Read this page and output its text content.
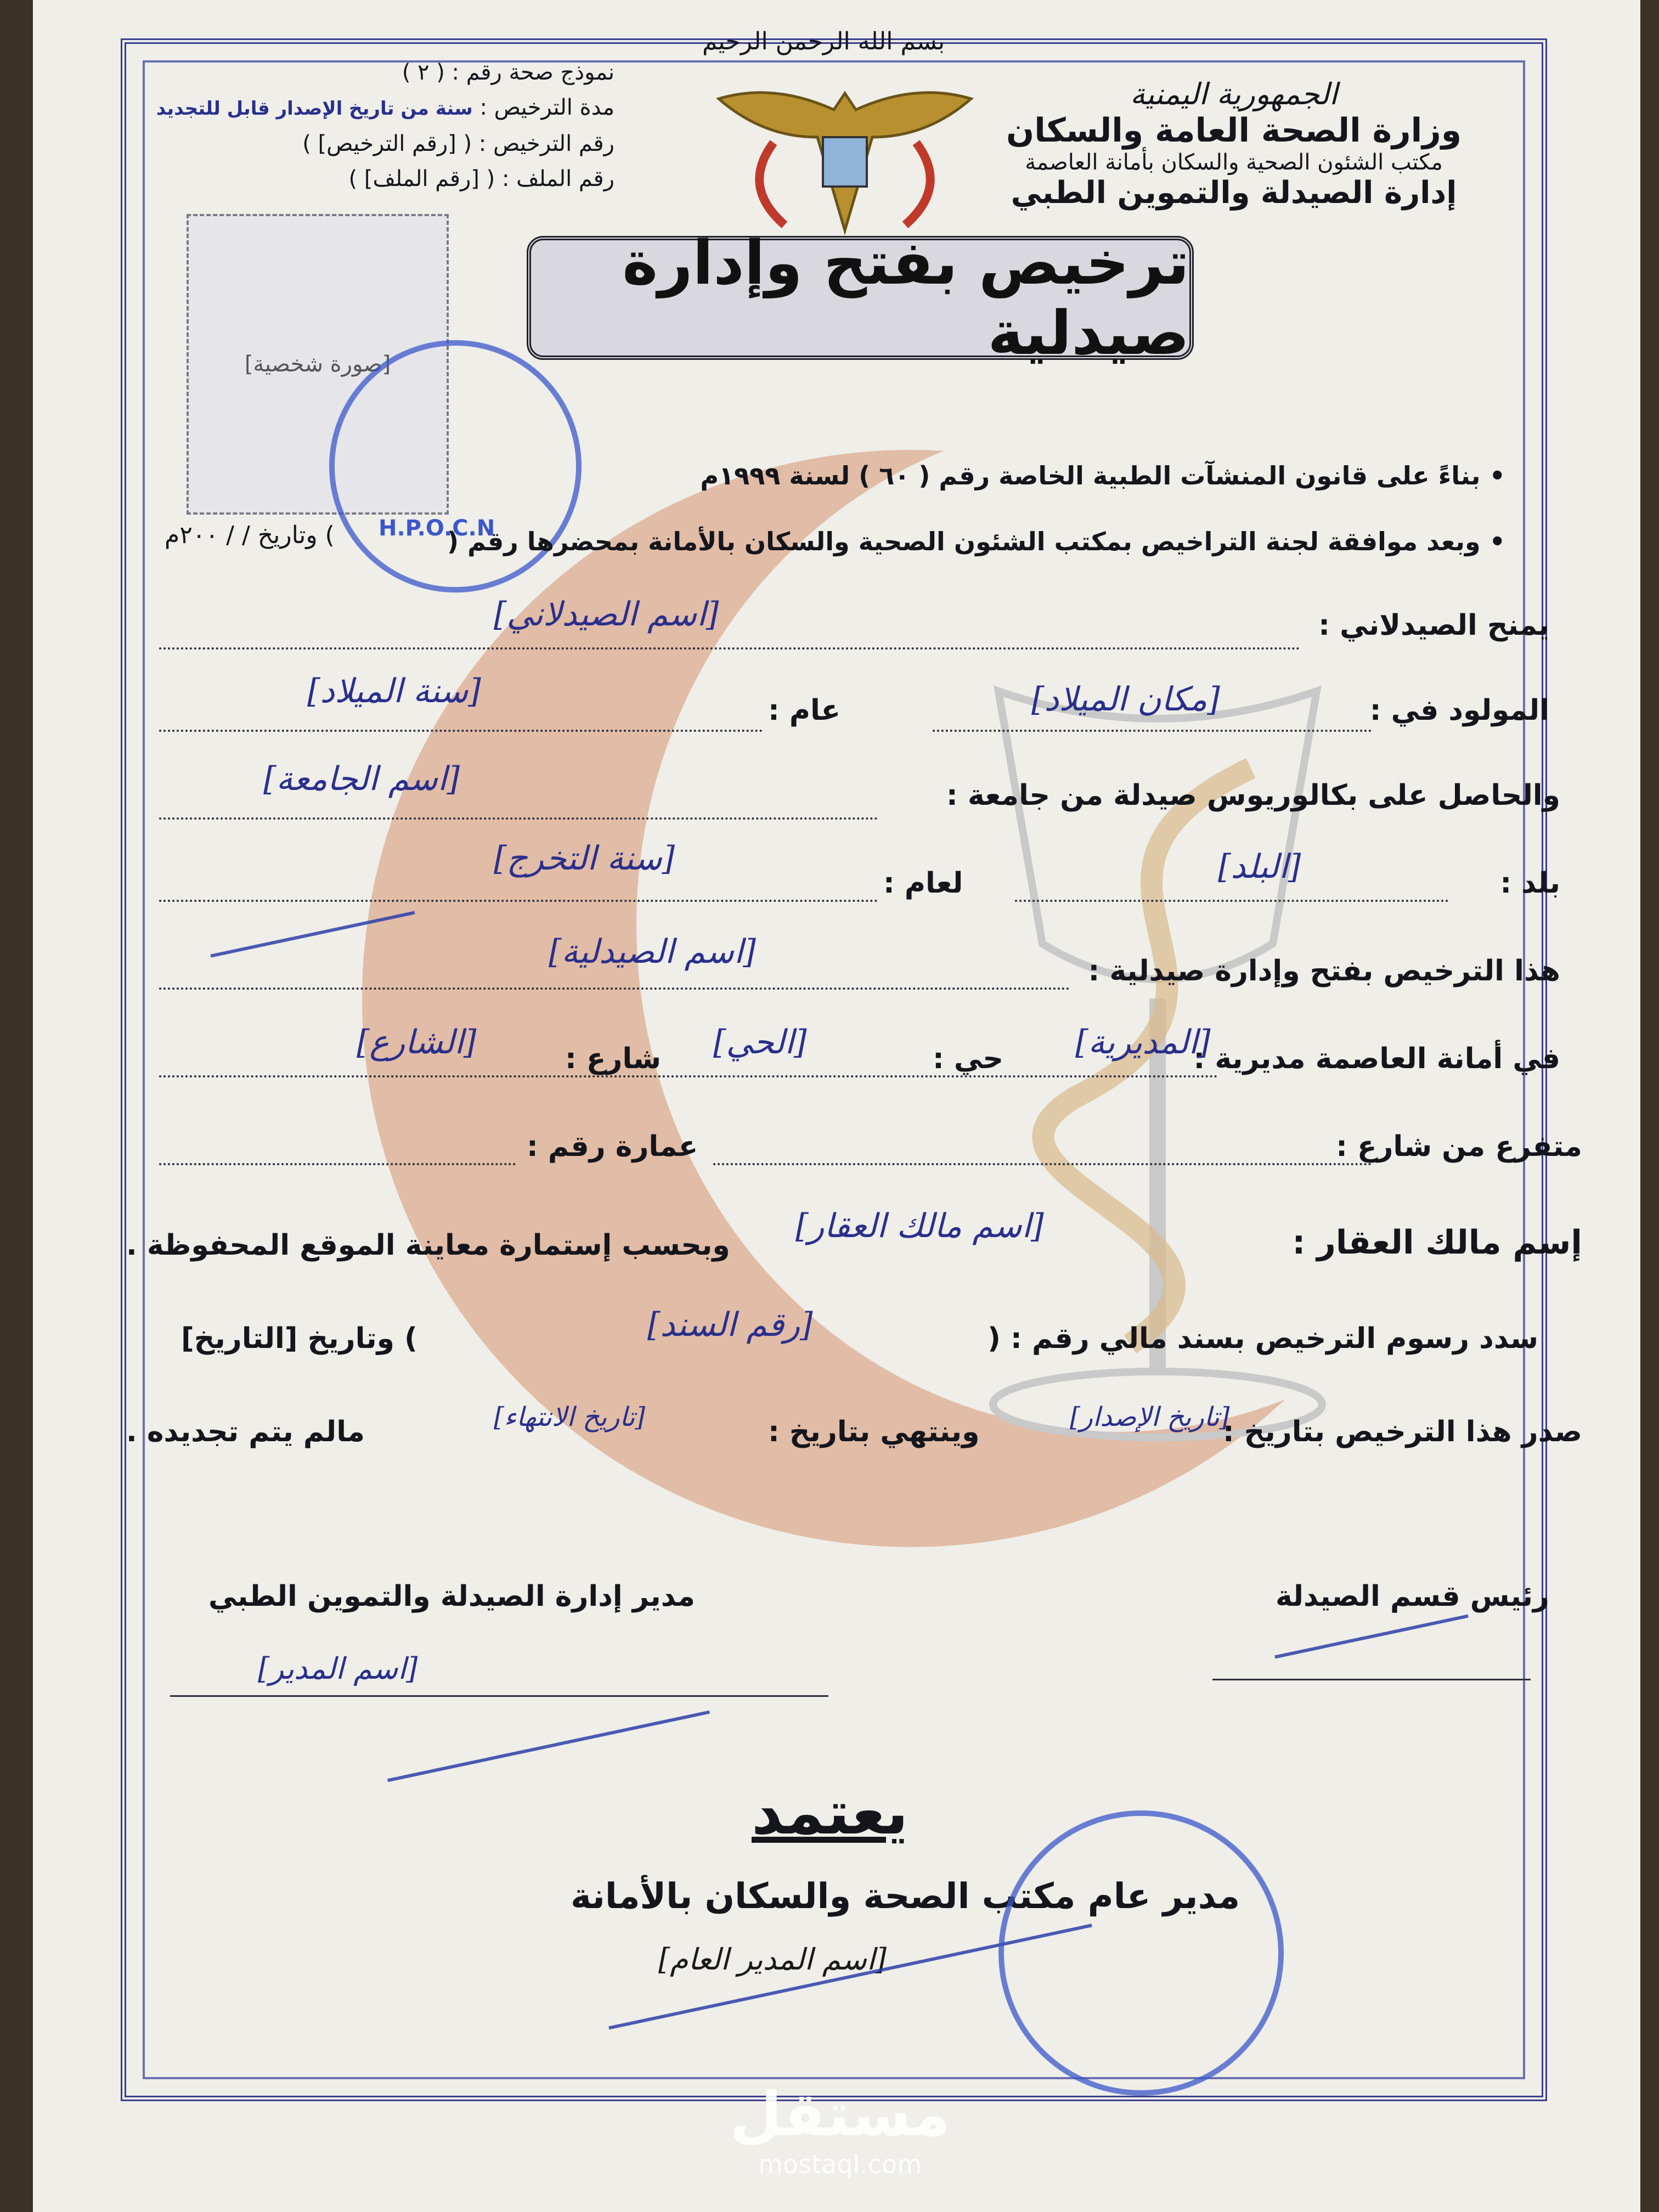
الجمهورية اليمنية
وزارة الصحة العامة والسكان
مكتب الشئون الصحية والسكان بأمانة العاصمة
إدارة الصيدلة والتموين الطبي
نموذج صحة رقم : ( ٢ )
مدة الترخيص : سنة من تاريخ الإصدار قابل للتجديد
رقم الترخيص : ( [رقم الترخيص] )
رقم الملف : ( [رقم الملف] )
بسم الله الرحمن الرحيم
ترخيص بفتح وإدارة صيدلية
[صورة شخصية]
H.P.O.C.N
• بناءً على قانون المنشآت الطبية الخاصة رقم ( ٦٠ ) لسنة ١٩٩٩م
• وبعد موافقة لجنة التراخيص بمكتب الشئون الصحية والسكان بالأمانة بمحضرها رقم (
) وتاريخ / / ٢٠٠م
يمنح الصيدلاني :
[اسم الصيدلاني]
المولود في :
[مكان الميلاد]
عام :
[سنة الميلاد]
والحاصل على بكالوريوس صيدلة من جامعة :
[اسم الجامعة]
بلد :
[البلد]
لعام :
[سنة التخرج]
هذا الترخيص بفتح وإدارة صيدلية :
[اسم الصيدلية]
في أمانة العاصمة مديرية :
[المديرية]
حي :
[الحي]
شارع :
[الشارع]
متفرع من شارع :
عمارة رقم :
إسم مالك العقار :
[اسم مالك العقار]
وبحسب إستمارة معاينة الموقع المحفوظة .
سدد رسوم الترخيص بسند مالي رقم : (
[رقم السند]
) وتاريخ [التاريخ]
صدر هذا الترخيص بتاريخ :
[تاريخ الإصدار]
وينتهي بتاريخ :
[تاريخ الانتهاء]
مالم يتم تجديده .
رئيس قسم الصيدلة
مدير إدارة الصيدلة والتموين الطبي
[اسم المدير]
يعتمد
مدير عام مكتب الصحة والسكان بالأمانة
[اسم المدير العام]
مستقل
mostaql.com
